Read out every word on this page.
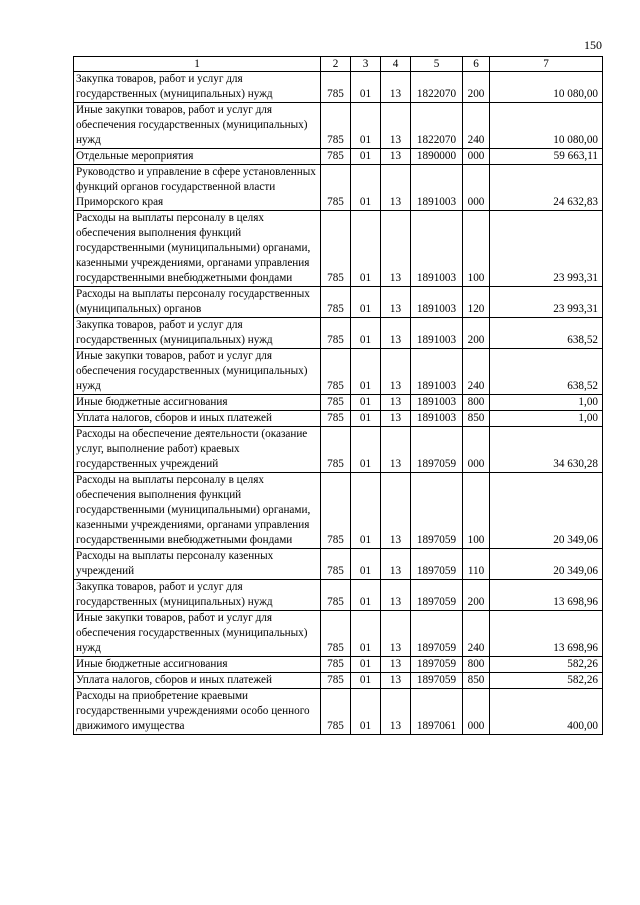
150
1	2	3	4	5	6	7
Закупка товаров, работ и услуг для государственных (муниципальных) нужд	785	01	13	1822070	200	10 080,00
Иные закупки товаров, работ и услуг для обеспечения государственных (муниципальных) нужд	785	01	13	1822070	240	10 080,00
Отдельные мероприятия	785	01	13	1890000	000	59 663,11
Руководство и управление в сфере установленных функций органов государственной власти Приморского края	785	01	13	1891003	000	24 632,83
Расходы на выплаты персоналу в целях обеспечения выполнения функций государственными (муниципальными) органами, казенными учреждениями, органами управления государственными внебюджетными фондами	785	01	13	1891003	100	23 993,31
Расходы на выплаты персоналу государственных (муниципальных) органов	785	01	13	1891003	120	23 993,31
Закупка товаров, работ и услуг для государственных (муниципальных) нужд	785	01	13	1891003	200	638,52
Иные закупки товаров, работ и услуг для обеспечения государственных (муниципальных) нужд	785	01	13	1891003	240	638,52
Иные бюджетные ассигнования	785	01	13	1891003	800	1,00
Уплата налогов, сборов и иных платежей	785	01	13	1891003	850	1,00
Расходы на обеспечение деятельности (оказание услуг, выполнение работ) краевых государственных учреждений	785	01	13	1897059	000	34 630,28
Расходы на выплаты персоналу в целях обеспечения выполнения функций государственными (муниципальными) органами, казенными учреждениями, органами управления государственными внебюджетными фондами	785	01	13	1897059	100	20 349,06
Расходы на выплаты персоналу казенных учреждений	785	01	13	1897059	110	20 349,06
Закупка товаров, работ и услуг для государственных (муниципальных) нужд	785	01	13	1897059	200	13 698,96
Иные закупки товаров, работ и услуг для обеспечения государственных (муниципальных) нужд	785	01	13	1897059	240	13 698,96
Иные бюджетные ассигнования	785	01	13	1897059	800	582,26
Уплата налогов, сборов и иных платежей	785	01	13	1897059	850	582,26
Расходы на приобретение краевыми государственными учреждениями особо ценного движимого имущества	785	01	13	1897061	000	400,00
